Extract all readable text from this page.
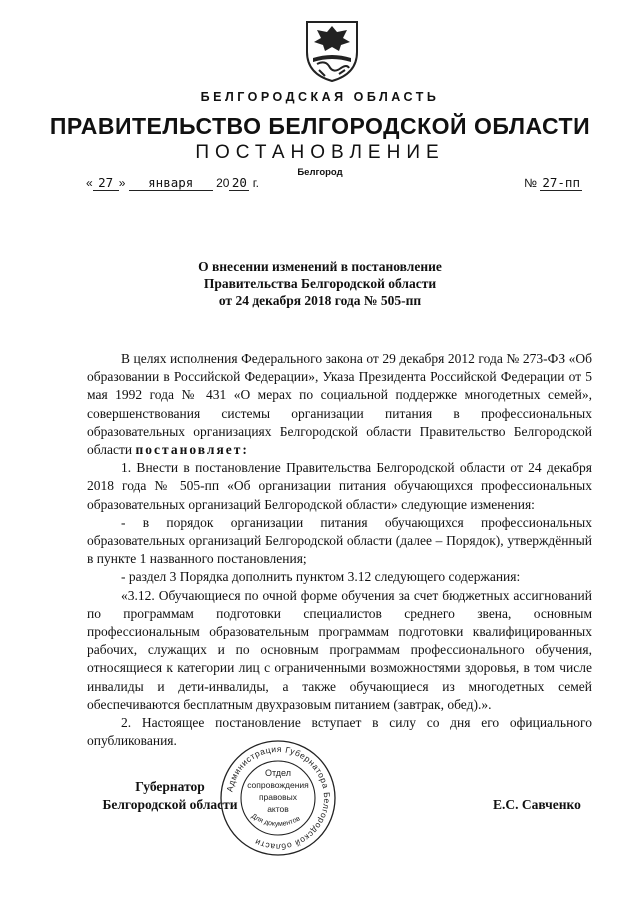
БЕЛГОРОДСКАЯ ОБЛАСТЬ
ПРАВИТЕЛЬСТВО БЕЛГОРОДСКОЙ ОБЛАСТИ
ПОСТАНОВЛЕНИЕ
Белгород
« 27 » января 20 20 г.	№ 27-пп
О внесении изменений в постановление
Правительства Белгородской области
от 24 декабря 2018 года № 505-пп

В целях исполнения Федерального закона от 29 декабря 2012 года № 273-ФЗ «Об образовании в Российской Федерации», Указа Президента Российской Федерации от 5 мая 1992 года № 431 «О мерах по социальной поддержке многодетных семей», совершенствования системы организации питания в профессиональных образовательных организациях Белгородской области Правительство Белгородской области постановляет:

1. Внести в постановление Правительства Белгородской области от 24 декабря 2018 года № 505-пп «Об организации питания обучающихся профессиональных образовательных организаций Белгородской области» следующие изменения:

- в порядок организации питания обучающихся профессиональных образовательных организаций Белгородской области (далее – Порядок), утверждённый в пункте 1 названного постановления;

- раздел 3 Порядка дополнить пунктом 3.12 следующего содержания:

«3.12. Обучающиеся по очной форме обучения за счет бюджетных ассигнований по программам подготовки специалистов среднего звена, основным профессиональным образовательным программам подготовки квалифицированных рабочих, служащих и по основным программам профессионального обучения, относящиеся к категории лиц с ограниченными возможностями здоровья, в том числе инвалиды и дети-инвалиды, а также обучающиеся из многодетных семей обеспечиваются бесплатным двухразовым питанием (завтрак, обед).».

2. Настоящее постановление вступает в силу со дня его официального опубликования.

Губернатор
Белгородской области	Е.С. Савченко
Администрация Губернатора Белгородской области
Отдел
сопровождения
правовых
актов
Для документов
